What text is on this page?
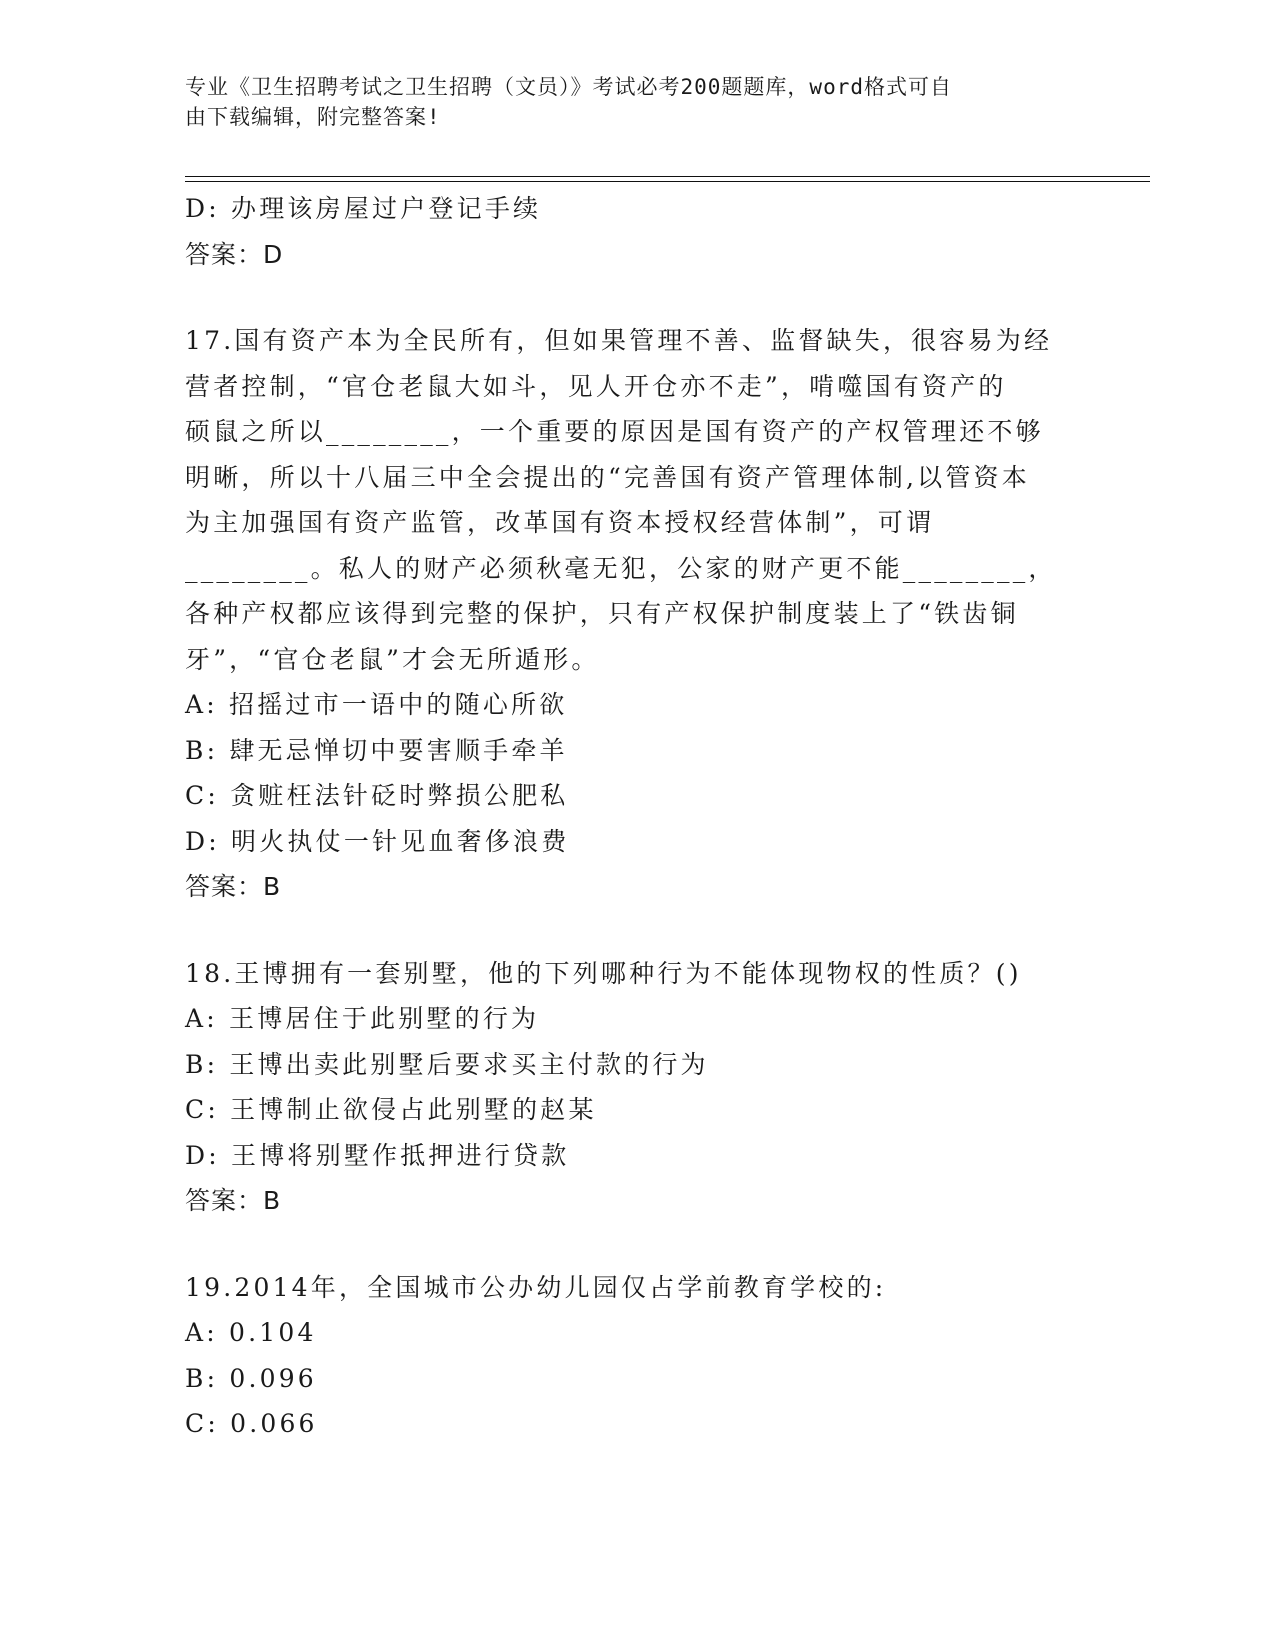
专业《卫生招聘考试之卫生招聘（文员）》考试必考200题题库，word格式可自
由下载编辑，附完整答案!
D: 办理该房屋过户登记手续
答案：D
17.国有资产本为全民所有，但如果管理不善、监督缺失，很容易为经
营者控制，“官仓老鼠大如斗，见人开仓亦不走”，啃噬国有资产的
硕鼠之所以________，一个重要的原因是国有资产的产权管理还不够
明晰，所以十八届三中全会提出的“完善国有资产管理体制,以管资本
为主加强国有资产监管，改革国有资本授权经营体制”，可谓
________。私人的财产必须秋毫无犯，公家的财产更不能________，
各种产权都应该得到完整的保护，只有产权保护制度装上了“铁齿铜
牙”，“官仓老鼠”才会无所遁形。
A: 招摇过市一语中的随心所欲
B: 肆无忌惮切中要害顺手牵羊
C: 贪赃枉法针砭时弊损公肥私
D: 明火执仗一针见血奢侈浪费
答案：B
18.王博拥有一套别墅，他的下列哪种行为不能体现物权的性质？()
A: 王博居住于此别墅的行为
B: 王博出卖此别墅后要求买主付款的行为
C: 王博制止欲侵占此别墅的赵某
D: 王博将别墅作抵押进行贷款
答案：B
19.2014年，全国城市公办幼儿园仅占学前教育学校的:
A: 0.104
B: 0.096
C: 0.066
